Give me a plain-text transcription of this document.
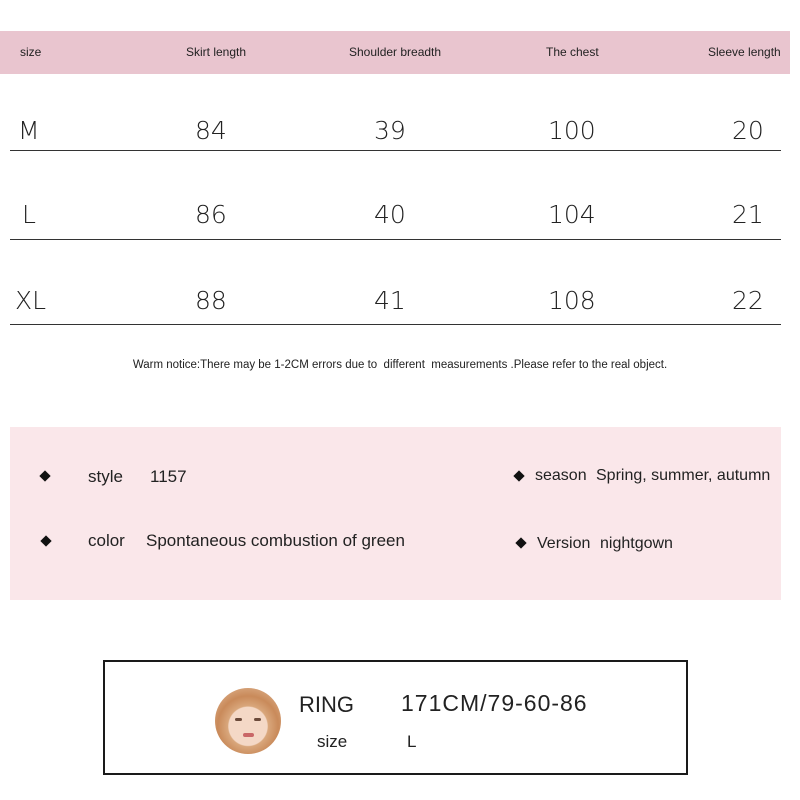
size	Skirt length	Shoulder breadth	The chest	Sleeve length
M	84	39	100	20
L	86	40	104	21
XL	88	41	108	22
Warm notice:There may be 1-2CM errors due to  different  measurements .Please refer to the real object.
style 1157	season Spring, summer, autumn
color Spontaneous combustion of green	Version nightgown
RING 171CM/79-60-86
size	L
